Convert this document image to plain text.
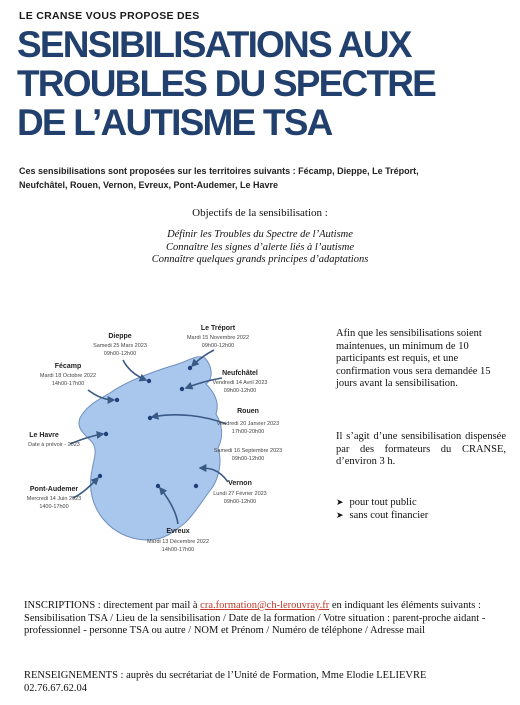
LE CRANSE VOUS PROPOSE DES
SENSIBILISATIONS AUX
TROUBLES DU SPECTRE
DE L’AUTISME TSA
Ces sensibilisations sont proposées sur les territoires suivants : Fécamp, Dieppe, Le Tréport,
Neufchâtel, Rouen, Vernon, Evreux, Pont-Audemer, Le Havre
Objectifs de la sensibilisation :
Définir les Troubles du Spectre de l’Autisme
Connaître les signes d’alerte liés à l’autisme
Connaître quelques grands principes d’adaptations
Dieppe
Samedi 25 Mars 2023
09h00-12h00
Le Tréport
Mardi 15 Novembre 2022
09h00-12h00
Fécamp
Mardi 18 Octobre 2022
14h00-17h00
Neufchâtel
Vendredi 14 Avril 2023
09h00-12h00
Rouen
Vendredi 20 Janvier 2023
17h00-20h00
Samedi 16 Septembre 2023
09h00-12h00
Le Havre
Date à prévoir - 2023
Vernon
Lundi 27 Février 2023
09h00-12h00
Pont-Audemer
Mercredi 14 Juin 2023
1400-17h00
Evreux
Mardi 13 Décembre 2022
14h00-17h00
Afin que les sensibilisations soient maintenues, un minimum de 10 participants est requis, et une confirmation vous sera demandée 15 jours avant la sensibilisation.
Il s’agit d’une sensibilisation dispensée par des formateurs du CRANSE, d’environ 3 h.
➤ pour tout public
➤ sans cout financier
INSCRIPTIONS : directement par mail à cra.formation@ch-lerouvray.fr en indiquant les éléments suivants : Sensibilisation TSA / Lieu de la sensibilisation / Date de la formation / Votre situation : parent-proche aidant - professionnel - personne TSA ou autre / NOM et Prénom / Numéro de téléphone / Adresse mail
RENSEIGNEMENTS : auprès du secrétariat de l’Unité de Formation, Mme Elodie LELIEVRE
02.76.67.62.04
